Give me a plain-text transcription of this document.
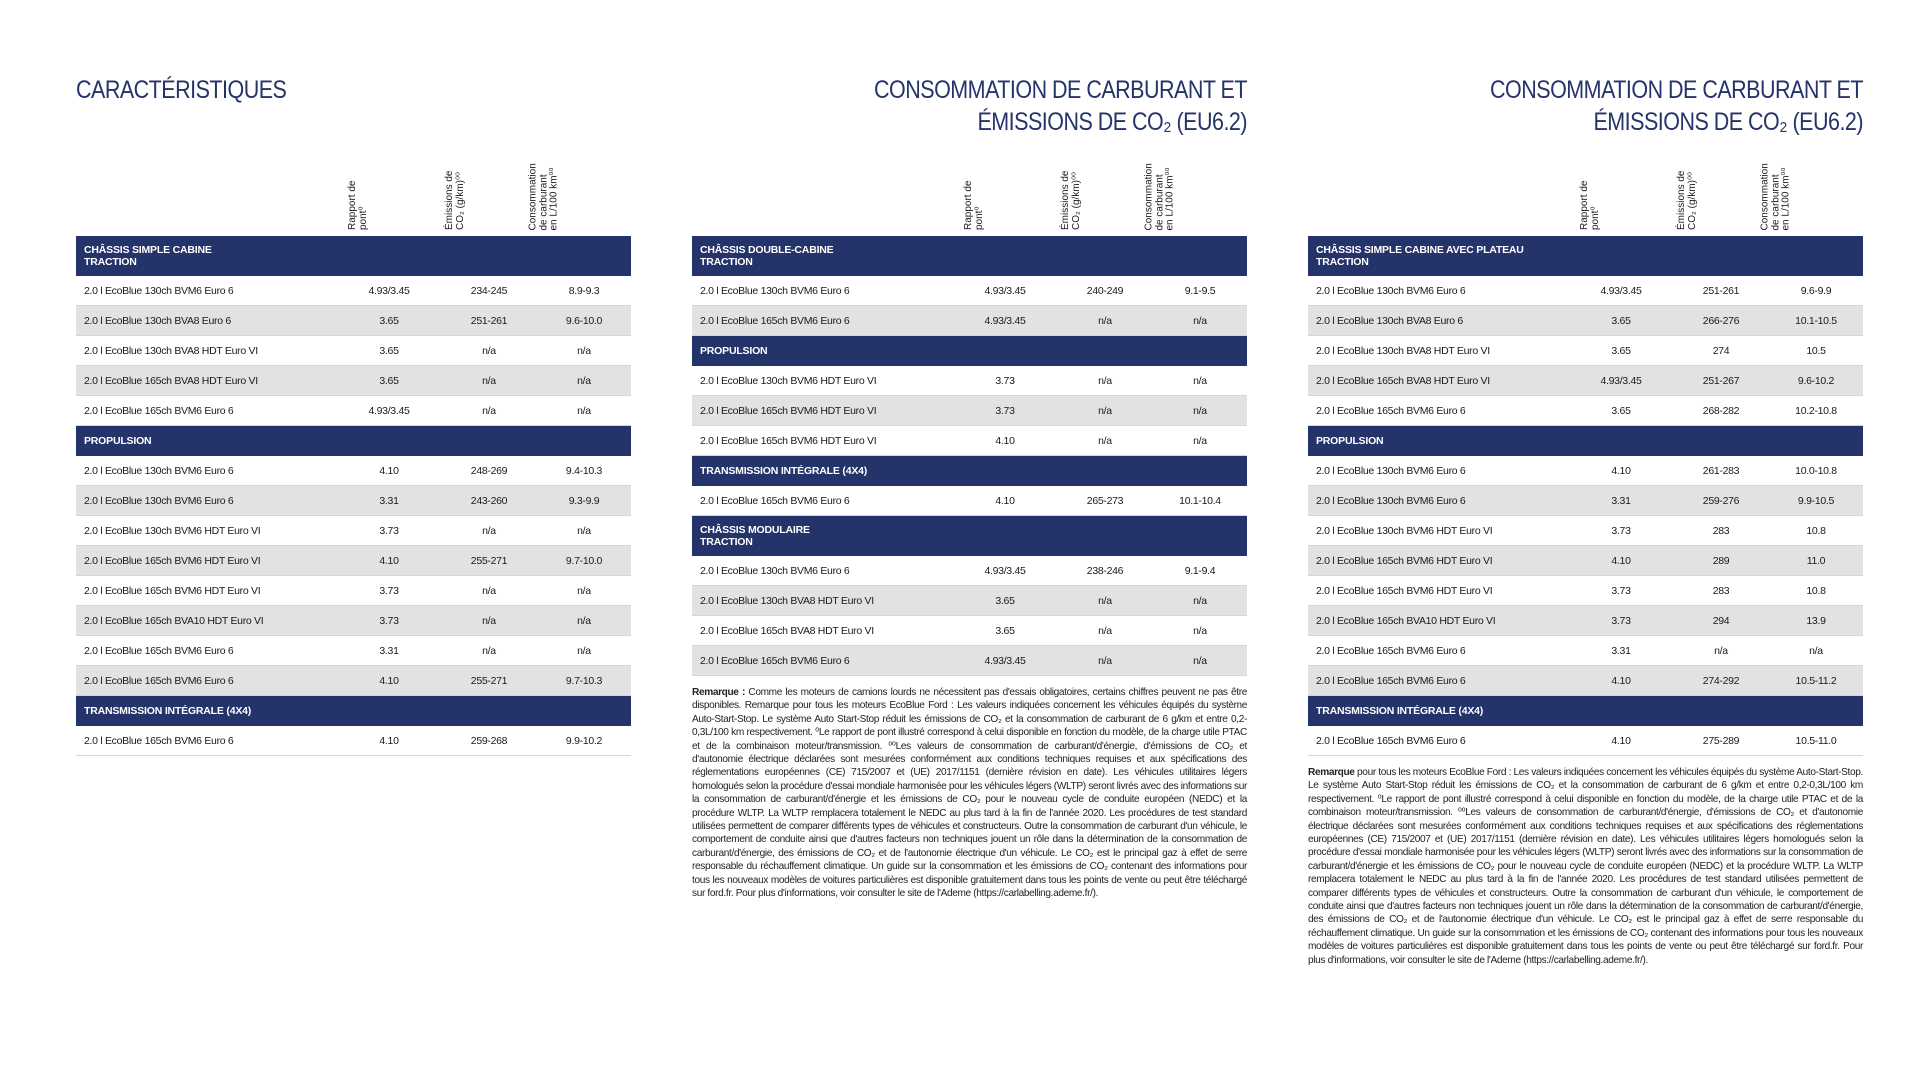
CARACTÉRISTIQUES
Rapport de pont⁰	Émissions de CO₂ (g/km)⁰⁰	Consommation de carburant en L/100 km⁰⁰
CHÂSSIS SIMPLE CABINE
TRACTION
2.0 l EcoBlue 130ch BVM6 Euro 6	4.93/3.45	234-245	8.9-9.3
2.0 l EcoBlue 130ch BVA8 Euro 6	3.65	251-261	9.6-10.0
2.0 l EcoBlue 130ch BVA8 HDT Euro VI	3.65	n/a	n/a
2.0 l EcoBlue 165ch BVA8 HDT Euro VI	3.65	n/a	n/a
2.0 l EcoBlue 165ch BVM6 Euro 6	4.93/3.45	n/a	n/a
PROPULSION
2.0 l EcoBlue 130ch BVM6 Euro 6	4.10	248-269	9.4-10.3
2.0 l EcoBlue 130ch BVM6 Euro 6	3.31	243-260	9.3-9.9
2.0 l EcoBlue 130ch BVM6 HDT Euro VI	3.73	n/a	n/a
2.0 l EcoBlue 165ch BVM6 HDT Euro VI	4.10	255-271	9.7-10.0
2.0 l EcoBlue 165ch BVM6 HDT Euro VI	3.73	n/a	n/a
2.0 l EcoBlue 165ch BVA10 HDT Euro VI	3.73	n/a	n/a
2.0 l EcoBlue 165ch BVM6 Euro 6	3.31	n/a	n/a
2.0 l EcoBlue 165ch BVM6 Euro 6	4.10	255-271	9.7-10.3
TRANSMISSION INTÉGRALE (4X4)
2.0 l EcoBlue 165ch BVM6 Euro 6	4.10	259-268	9.9-10.2
CONSOMMATION DE CARBURANT ET
ÉMISSIONS DE CO₂ (EU6.2)
Rapport de pont⁰	Émissions de CO₂ (g/km)⁰⁰	Consommation de carburant en L/100 km⁰⁰
CHÂSSIS DOUBLE-CABINE
TRACTION
2.0 l EcoBlue 130ch BVM6 Euro 6	4.93/3.45	240-249	9.1-9.5
2.0 l EcoBlue 165ch BVM6 Euro 6	4.93/3.45	n/a	n/a
PROPULSION
2.0 l EcoBlue 130ch BVM6 HDT Euro VI	3.73	n/a	n/a
2.0 l EcoBlue 165ch BVM6 HDT Euro VI	3.73	n/a	n/a
2.0 l EcoBlue 165ch BVM6 HDT Euro VI	4.10	n/a	n/a
TRANSMISSION INTÉGRALE (4X4)
2.0 l EcoBlue 165ch BVM6 Euro 6	4.10	265-273	10.1-10.4
CHÂSSIS MODULAIRE
TRACTION
2.0 l EcoBlue 130ch BVM6 Euro 6	4.93/3.45	238-246	9.1-9.4
2.0 l EcoBlue 130ch BVA8 HDT Euro VI	3.65	n/a	n/a
2.0 l EcoBlue 165ch BVA8 HDT Euro VI	3.65	n/a	n/a
2.0 l EcoBlue 165ch BVM6 Euro 6	4.93/3.45	n/a	n/a
Remarque : Comme les moteurs de camions lourds ne nécessitent pas d'essais obligatoires, certains chiffres peuvent ne pas être disponibles. Remarque pour tous les moteurs EcoBlue Ford : Les valeurs indiquées concernent les véhicules équipés du système Auto-Start-Stop. Le système Auto Start-Stop réduit les émissions de CO₂ et la consommation de carburant de 6 g/km et entre 0,2-0,3L/100 km respectivement. ⁰Le rapport de pont illustré correspond à celui disponible en fonction du modèle, de la charge utile PTAC et de la combinaison moteur/transmission. ⁰⁰Les valeurs de consommation de carburant/d'énergie, d'émissions de CO₂ et d'autonomie électrique déclarées sont mesurées conformément aux conditions techniques requises et aux spécifications des réglementations européennes (CE) 715/2007 et (UE) 2017/1151 (dernière révision en date). Les véhicules utilitaires légers homologués selon la procédure d'essai mondiale harmonisée pour les véhicules légers (WLTP) seront livrés avec des informations sur la consommation de carburant/d'énergie et les émissions de CO₂ pour le nouveau cycle de conduite européen (NEDC) et la procédure WLTP. La WLTP remplacera totalement le NEDC au plus tard à la fin de l'année 2020. Les procédures de test standard utilisées permettent de comparer différents types de véhicules et constructeurs. Outre la consommation de carburant d'un véhicule, le comportement de conduite ainsi que d'autres facteurs non techniques jouent un rôle dans la détermination de la consommation de carburant/d'énergie, des émissions de CO₂ et de l'autonomie électrique d'un véhicule. Le CO₂ est le principal gaz à effet de serre responsable du réchauffement climatique. Un guide sur la consommation et les émissions de CO₂ contenant des informations pour tous les nouveaux modèles de voitures particulières est disponible gratuitement dans tous les points de vente ou peut être téléchargé sur ford.fr. Pour plus d'informations, voir consulter le site de l'Ademe (https://carlabelling.ademe.fr/).
CONSOMMATION DE CARBURANT ET
ÉMISSIONS DE CO₂ (EU6.2)
Rapport de pont⁰	Émissions de CO₂ (g/km)⁰⁰	Consommation de carburant en L/100 km⁰⁰
CHÂSSIS SIMPLE CABINE AVEC PLATEAU
TRACTION
2.0 l EcoBlue 130ch BVM6 Euro 6	4.93/3.45	251-261	9.6-9.9
2.0 l EcoBlue 130ch BVA8 Euro 6	3.65	266-276	10.1-10.5
2.0 l EcoBlue 130ch BVA8 HDT Euro VI	3.65	274	10.5
2.0 l EcoBlue 165ch BVA8 HDT Euro VI	4.93/3.45	251-267	9.6-10.2
2.0 l EcoBlue 165ch BVM6 Euro 6	3.65	268-282	10.2-10.8
PROPULSION
2.0 l EcoBlue 130ch BVM6 Euro 6	4.10	261-283	10.0-10.8
2.0 l EcoBlue 130ch BVM6 Euro 6	3.31	259-276	9.9-10.5
2.0 l EcoBlue 130ch BVM6 HDT Euro VI	3.73	283	10.8
2.0 l EcoBlue 165ch BVM6 HDT Euro VI	4.10	289	11.0
2.0 l EcoBlue 165ch BVM6 HDT Euro VI	3.73	283	10.8
2.0 l EcoBlue 165ch BVA10 HDT Euro VI	3.73	294	13.9
2.0 l EcoBlue 165ch BVM6 Euro 6	3.31	n/a	n/a
2.0 l EcoBlue 165ch BVM6 Euro 6	4.10	274-292	10.5-11.2
TRANSMISSION INTÉGRALE (4X4)
2.0 l EcoBlue 165ch BVM6 Euro 6	4.10	275-289	10.5-11.0
Remarque pour tous les moteurs EcoBlue Ford : Les valeurs indiquées concernent les véhicules équipés du système Auto-Start-Stop. Le système Auto Start-Stop réduit les émissions de CO₂ et la consommation de carburant de 6 g/km et entre 0,2-0,3L/100 km respectivement. ⁰Le rapport de pont illustré correspond à celui disponible en fonction du modèle, de la charge utile PTAC et de la combinaison moteur/transmission. ⁰⁰Les valeurs de consommation de carburant/d'énergie, d'émissions de CO₂ et d'autonomie électrique déclarées sont mesurées conformément aux conditions techniques requises et aux spécifications des réglementations européennes (CE) 715/2007 et (UE) 2017/1151 (dernière révision en date). Les véhicules utilitaires légers homologués selon la procédure d'essai mondiale harmonisée pour les véhicules légers (WLTP) seront livrés avec des informations sur la consommation de carburant/d'énergie et les émissions de CO₂ pour le nouveau cycle de conduite européen (NEDC) et la procédure WLTP. La WLTP remplacera totalement le NEDC au plus tard à la fin de l'année 2020. Les procédures de test standard utilisées permettent de comparer différents types de véhicules et constructeurs. Outre la consommation de carburant d'un véhicule, le comportement de conduite ainsi que d'autres facteurs non techniques jouent un rôle dans la détermination de la consommation de carburant/d'énergie, des émissions de CO₂ et de l'autonomie électrique d'un véhicule. Le CO₂ est le principal gaz à effet de serre responsable du réchauffement climatique. Un guide sur la consommation et les émissions de CO₂ contenant des informations pour tous les nouveaux modèles de voitures particulières est disponible gratuitement dans tous les points de vente ou peut être téléchargé sur ford.fr. Pour plus d'informations, voir consulter le site de l'Ademe (https://carlabelling.ademe.fr/).
